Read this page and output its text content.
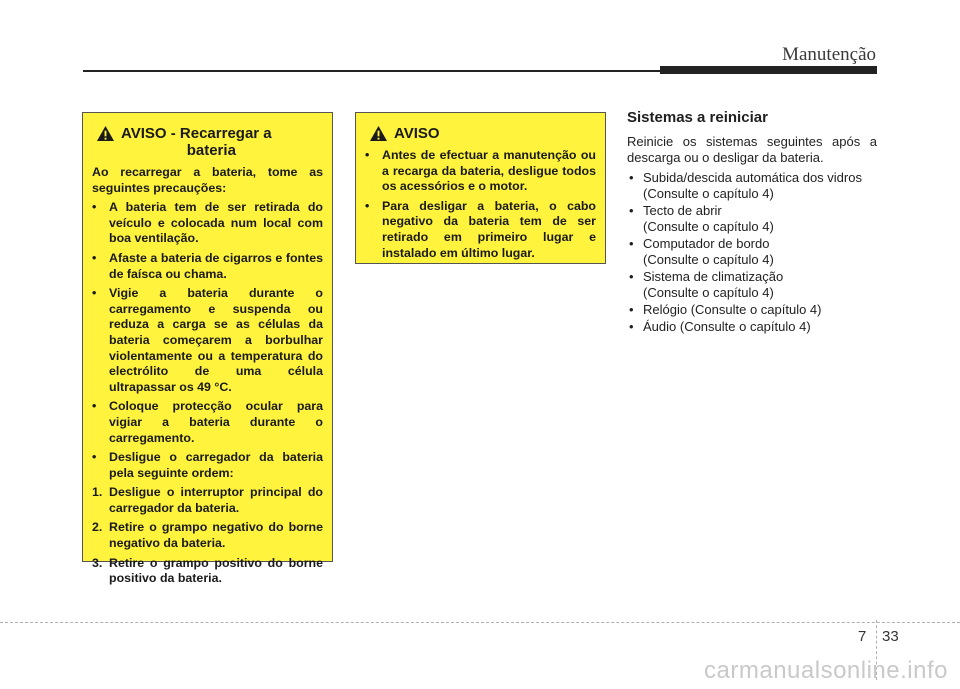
Manutenção
AVISO - Recarregar a
bateria
Ao recarregar a bateria, tome as seguintes precauções:
• A bateria tem de ser retirada do veículo e colocada num local com boa ventilação.
• Afaste a bateria de cigarros e fontes de faísca ou chama.
• Vigie a bateria durante o carregamento e suspenda ou reduza a carga se as células da bateria começarem a borbulhar violentamente ou a temperatura do electrólito de uma célula ultrapassar os 49 °C.
• Coloque protecção ocular para vigiar a bateria durante o carregamento.
• Desligue o carregador da bateria pela seguinte ordem:
1. Desligue o interruptor principal do carregador da bateria.
2. Retire o grampo negativo do borne negativo da bateria.
3. Retire o grampo positivo do borne positivo da bateria.
AVISO
• Antes de efectuar a manutenção ou a recarga da bateria, desligue todos os acessórios e o motor.
• Para desligar a bateria, o cabo negativo da bateria tem de ser retirado em primeiro lugar e instalado em último lugar.
Sistemas a reiniciar
Reinicie os sistemas seguintes após a descarga ou o desligar da bateria.
• Subida/descida automática dos vidros
(Consulte o capítulo 4)
• Tecto de abrir
(Consulte o capítulo 4)
• Computador de bordo
(Consulte o capítulo 4)
• Sistema de climatização
(Consulte o capítulo 4)
• Relógio (Consulte o capítulo 4)
• Áudio (Consulte o capítulo 4)
7 33
carmanualsonline.info
